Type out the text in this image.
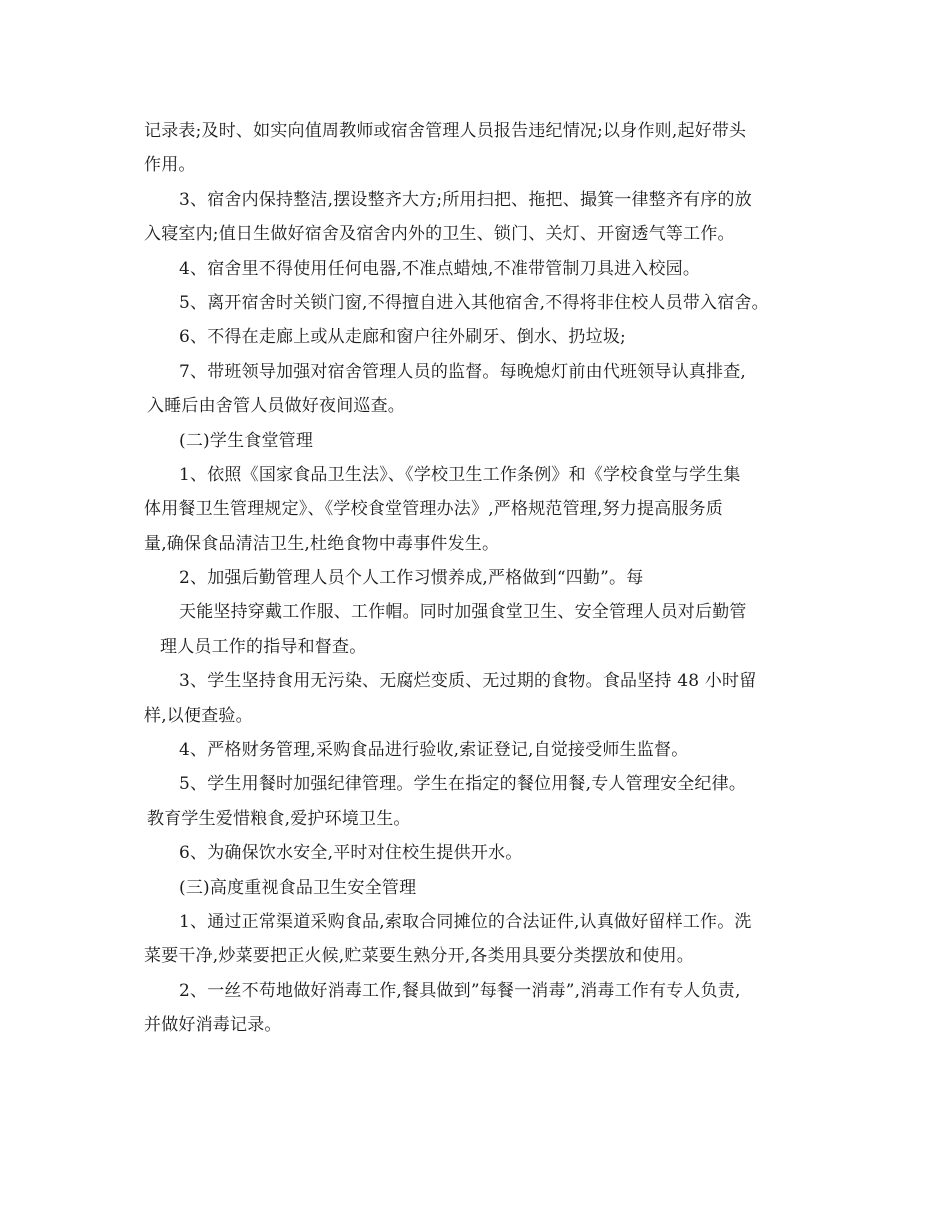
记录表;及时、如实向值周教师或宿舍管理人员报告违纪情况;以身作则,起好带头
作用。
3、宿舍内保持整洁,摆设整齐大方;所用扫把、拖把、撮箕一律整齐有序的放
入寝室内;值日生做好宿舍及宿舍内外的卫生、锁门、关灯、开窗透气等工作。
4、宿舍里不得使用任何电器,不准点蜡烛,不准带管制刀具进入校园。
5、离开宿舍时关锁门窗,不得擅自进入其他宿舍,不得将非住校人员带入宿舍。
6、不得在走廊上或从走廊和窗户往外刷牙、倒水、扔垃圾;
7、带班领导加强对宿舍管理人员的监督。每晚熄灯前由代班领导认真排查,
入睡后由舍管人员做好夜间巡查。
(二)学生食堂管理
1、依照《国家食品卫生法》、《学校卫生工作条例》和《学校食堂与学生集
体用餐卫生管理规定》、《学校食堂管理办法》,严格规范管理,努力提高服务质
量,确保食品清洁卫生,杜绝食物中毒事件发生。
2、加强后勤管理人员个人工作习惯养成,严格做到“四勤”。每
天能坚持穿戴工作服、工作帽。同时加强食堂卫生、安全管理人员对后勤管
理人员工作的指导和督查。
3、学生坚持食用无污染、无腐烂变质、无过期的食物。食品坚持 48 小时留
样,以便查验。
4、严格财务管理,采购食品进行验收,索证登记,自觉接受师生监督。
5、学生用餐时加强纪律管理。学生在指定的餐位用餐,专人管理安全纪律。
教育学生爱惜粮食,爱护环境卫生。
6、为确保饮水安全,平时对住校生提供开水。
(三)高度重视食品卫生安全管理
1、通过正常渠道采购食品,索取合同摊位的合法证件,认真做好留样工作。洗
菜要干净,炒菜要把正火候,贮菜要生熟分开,各类用具要分类摆放和使用。
2、一丝不苟地做好消毒工作,餐具做到”每餐一消毒”,消毒工作有专人负责,
并做好消毒记录。
